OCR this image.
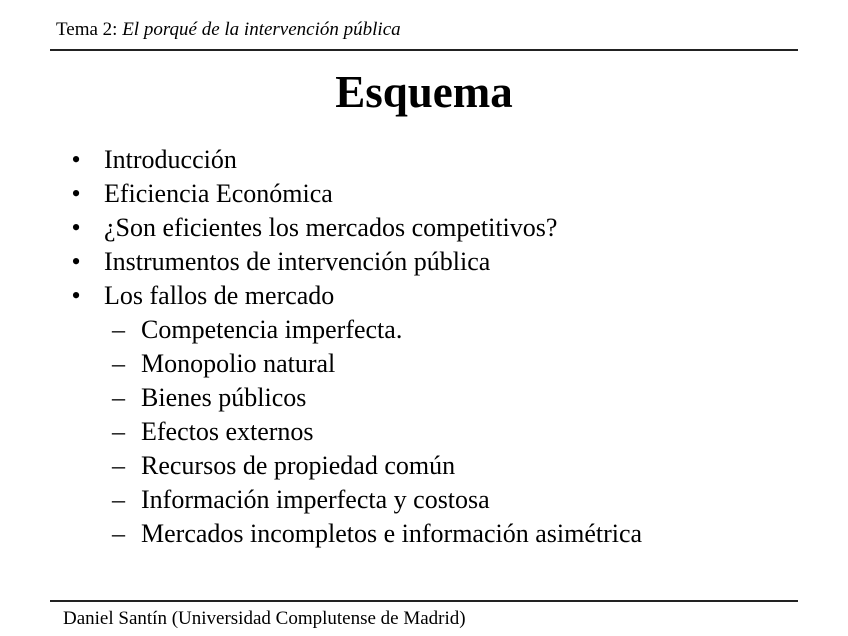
Tema 2: El porqué de la intervención pública
Esquema
• Introducción
• Eficiencia Económica
• ¿Son eficientes los mercados competitivos?
• Instrumentos de intervención pública
• Los fallos de mercado
– Competencia imperfecta.
– Monopolio natural
– Bienes públicos
– Efectos externos
– Recursos de propiedad común
– Información imperfecta y costosa
– Mercados incompletos e información asimétrica
Daniel Santín (Universidad Complutense de Madrid)
